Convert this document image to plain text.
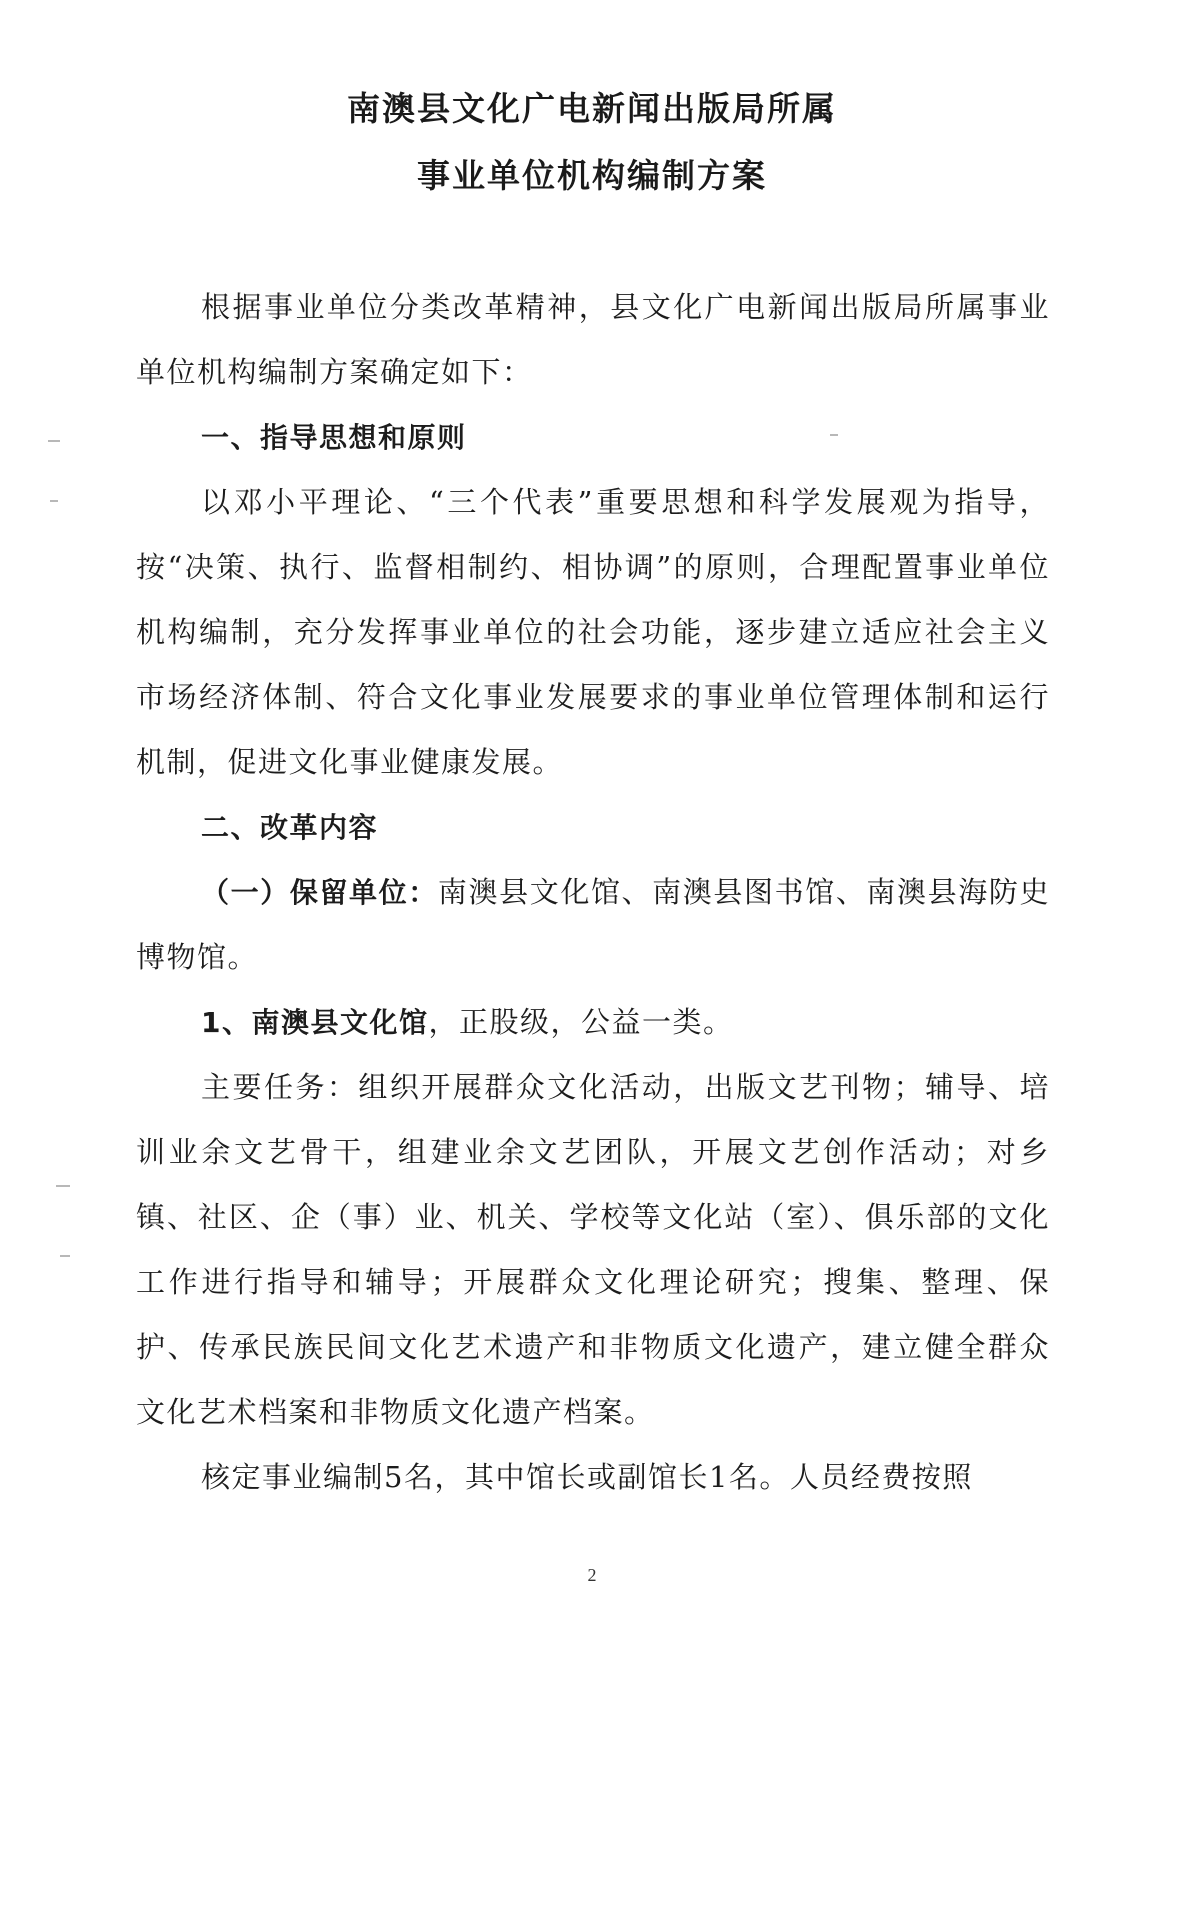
南澳县文化广电新闻出版局所属
事业单位机构编制方案

根据事业单位分类改革精神，县文化广电新闻出版局所属事业单位机构编制方案确定如下：

一、指导思想和原则

以邓小平理论、“三个代表”重要思想和科学发展观为指导，按“决策、执行、监督相制约、相协调”的原则，合理配置事业单位机构编制，充分发挥事业单位的社会功能，逐步建立适应社会主义市场经济体制、符合文化事业发展要求的事业单位管理体制和运行机制，促进文化事业健康发展。

二、改革内容

（一）保留单位：南澳县文化馆、南澳县图书馆、南澳县海防史博物馆。

1、南澳县文化馆，正股级，公益一类。

主要任务：组织开展群众文化活动，出版文艺刊物；辅导、培训业余文艺骨干，组建业余文艺团队，开展文艺创作活动；对乡镇、社区、企（事）业、机关、学校等文化站（室）、俱乐部的文化工作进行指导和辅导；开展群众文化理论研究；搜集、整理、保护、传承民族民间文化艺术遗产和非物质文化遗产，建立健全群众文化艺术档案和非物质文化遗产档案。

核定事业编制5名，其中馆长或副馆长1名。人员经费按照

2
